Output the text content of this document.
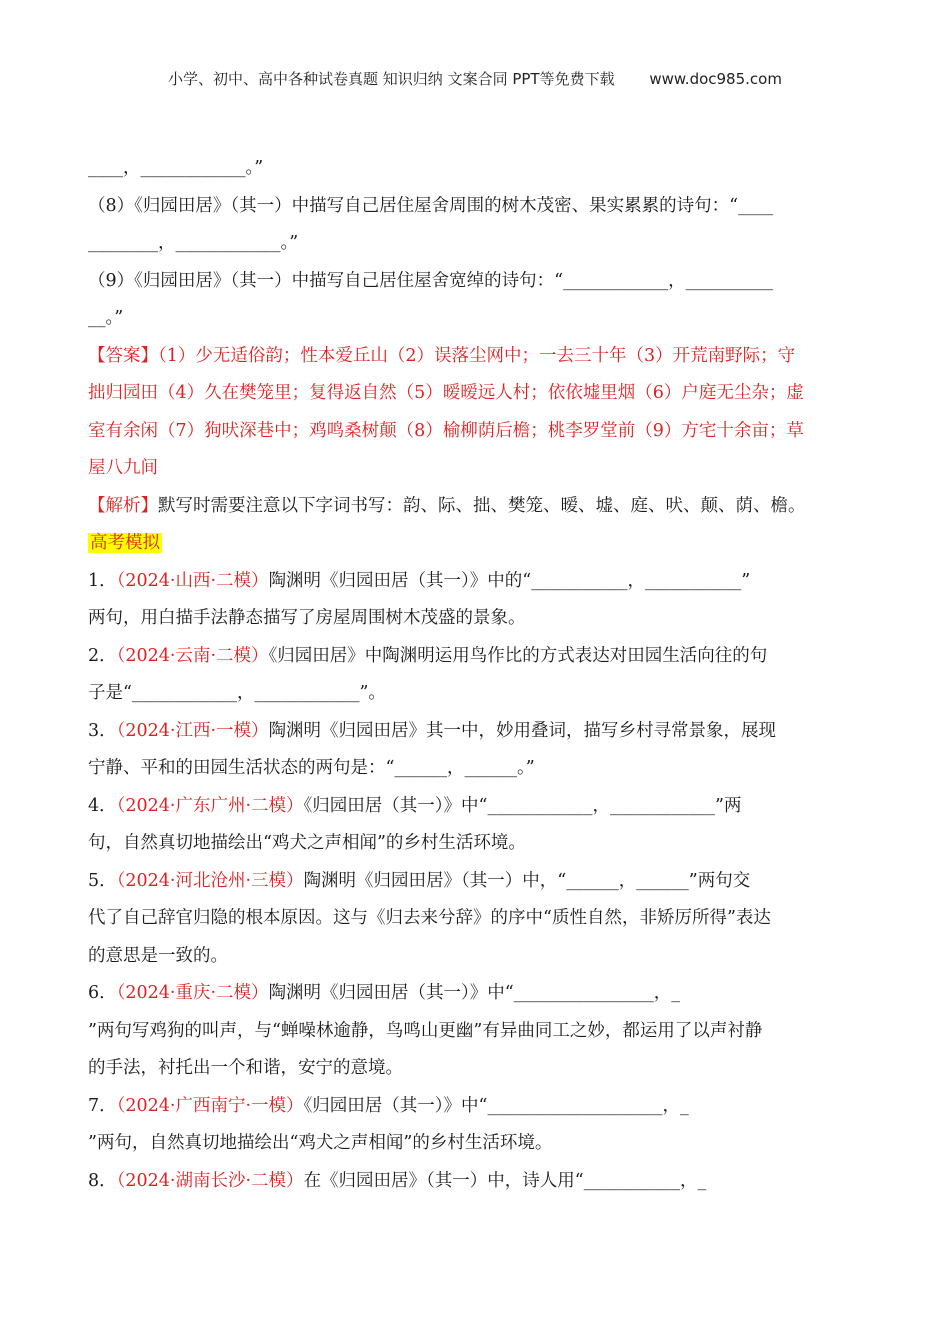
小学、初中、高中各种试卷真题 知识归纳 文案合同 PPT等免费下载 www.doc985.com
____，____________。”
（8）《归园田居》（其一）中描写自己居住屋舍周围的树木茂密、果实累累的诗句：“____
________，____________。”
（9）《归园田居》（其一）中描写自己居住屋舍宽绰的诗句：“____________，__________
__。”
【答案】（1）少无适俗韵；性本爱丘山（2）误落尘网中；一去三十年（3）开荒南野际；守
拙归园田（4）久在樊笼里；复得返自然（5）暧暧远人村；依依墟里烟（6）户庭无尘杂；虚
室有余闲（7）狗吠深巷中；鸡鸣桑树颠（8）榆柳荫后檐；桃李罗堂前（9）方宅十余亩；草
屋八九间
【解析】默写时需要注意以下字词书写：韵、际、拙、樊笼、暧、墟、庭、吠、颠、荫、檐。
高考模拟
1．（2024·山西·二模）陶渊明《归园田居（其一）》中的“___________，___________”
两句，用白描手法静态描写了房屋周围树木茂盛的景象。
2．（2024·云南·二模）《归园田居》中陶渊明运用鸟作比的方式表达对田园生活向往的句
子是“____________，____________”。
3．（2024·江西·一模）陶渊明《归园田居》其一中，妙用叠词，描写乡村寻常景象，展现
宁静、平和的田园生活状态的两句是：“______，______。”
4．（2024·广东广州·二模）《归园田居（其一）》中“____________，____________”两
句，自然真切地描绘出“鸡犬之声相闻”的乡村生活环境。
5．（2024·河北沧州·三模）陶渊明《归园田居》（其一）中，“______，______”两句交
代了自己辞官归隐的根本原因。这与《归去来兮辞》的序中“质性自然，非矫厉所得”表达
的意思是一致的。
6．（2024·重庆·二模）陶渊明《归园田居（其一）》中“________________，_
”两句写鸡狗的叫声，与“蝉噪林逾静，鸟鸣山更幽”有异曲同工之妙，都运用了以声衬静
的手法，衬托出一个和谐，安宁的意境。
7．（2024·广西南宁·一模）《归园田居（其一）》中“____________________，_
”两句，自然真切地描绘出“鸡犬之声相闻”的乡村生活环境。
8．（2024·湖南长沙·二模）在《归园田居》（其一）中，诗人用“___________，_
